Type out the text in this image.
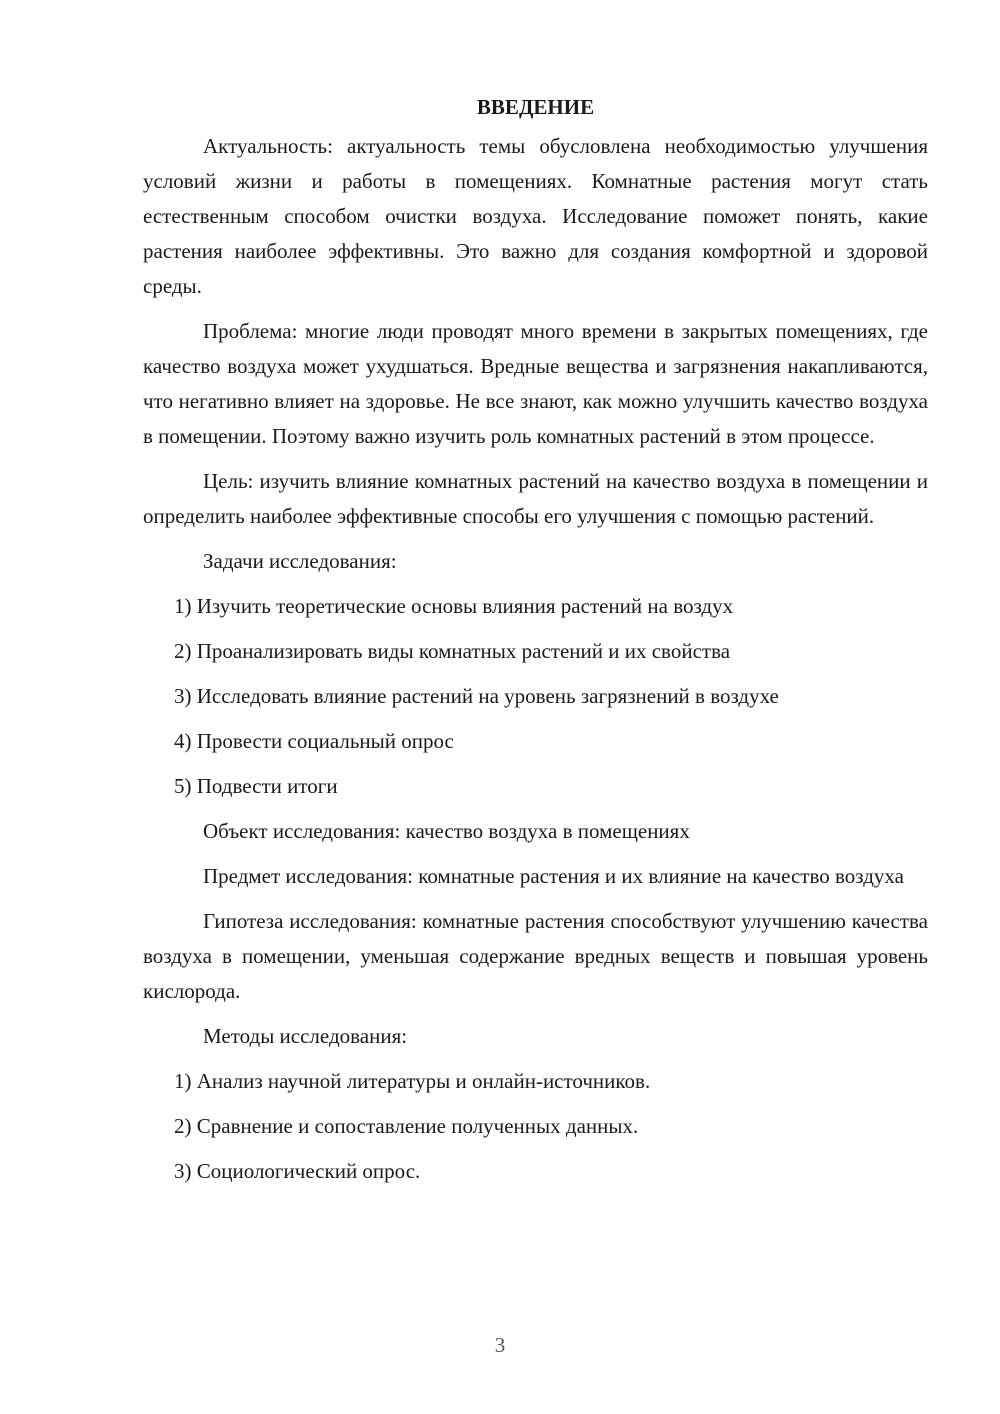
ВВЕДЕНИЕ

Актуальность: актуальность темы обусловлена необходимостью улучшения условий жизни и работы в помещениях. Комнатные растения могут стать естественным способом очистки воздуха. Исследование поможет понять, какие растения наиболее эффективны. Это важно для создания комфортной и здоровой среды.

Проблема: многие люди проводят много времени в закрытых помещениях, где качество воздуха может ухудшаться. Вредные вещества и загрязнения накапливаются, что негативно влияет на здоровье. Не все знают, как можно улучшить качество воздуха в помещении. Поэтому важно изучить роль комнатных растений в этом процессе.

Цель: изучить влияние комнатных растений на качество воздуха в помещении и определить наиболее эффективные способы его улучшения с помощью растений.

Задачи исследования:

1) Изучить теоретические основы влияния растений на воздух
2) Проанализировать виды комнатных растений и их свойства
3) Исследовать влияние растений на уровень загрязнений в воздухе
4) Провести социальный опрос
5) Подвести итоги

Объект исследования: качество воздуха в помещениях

Предмет исследования: комнатные растения и их влияние на качество воздуха

Гипотеза исследования: комнатные растения способствуют улучшению качества воздуха в помещении, уменьшая содержание вредных веществ и повышая уровень кислорода.

Методы исследования:

1) Анализ научной литературы и онлайн-источников.
2) Сравнение и сопоставление полученных данных.
3) Социологический опрос.
3
